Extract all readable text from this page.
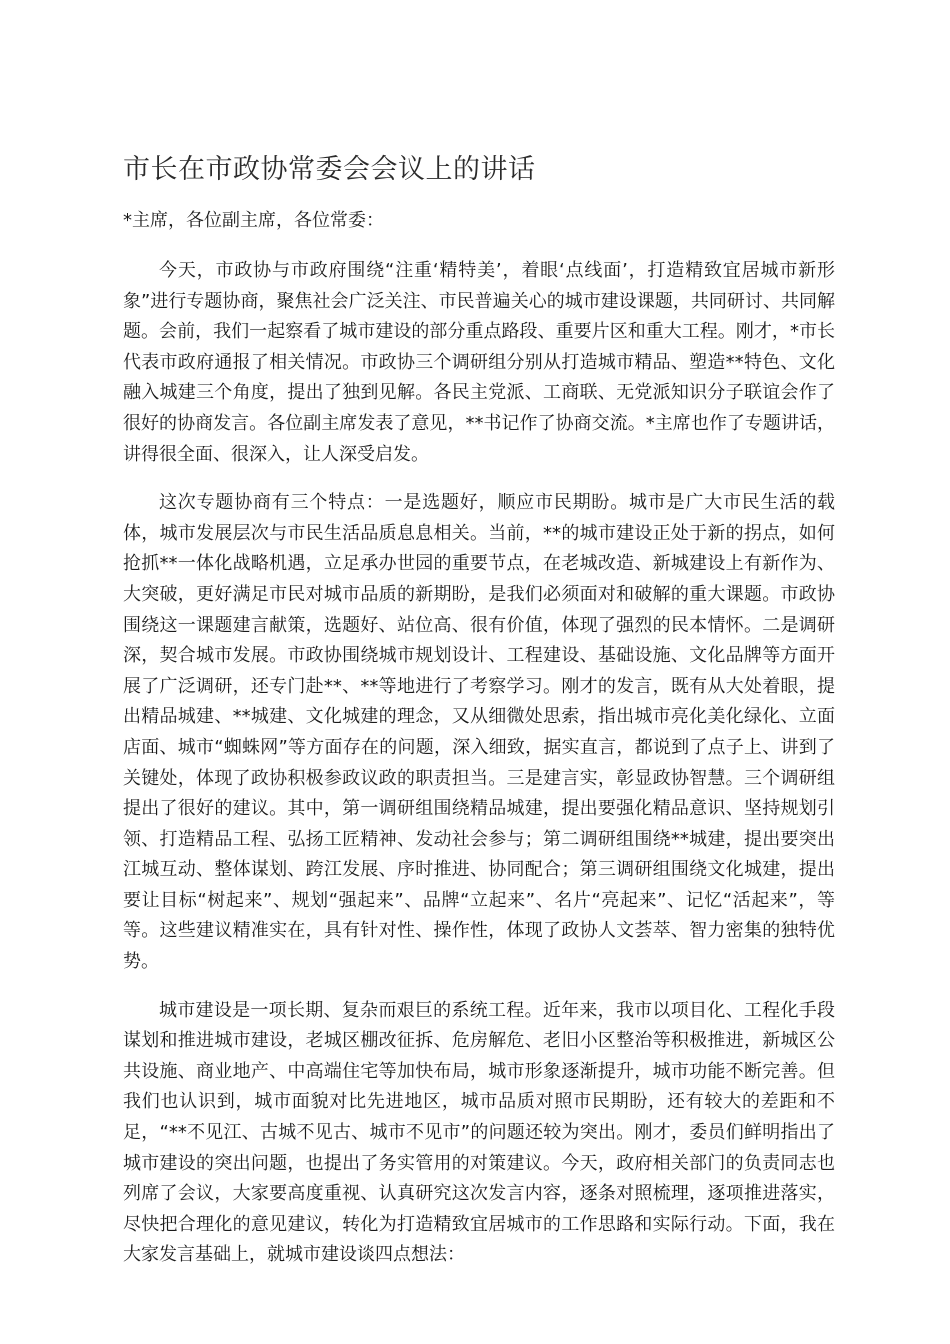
市长在市政协常委会会议上的讲话
*主席，各位副主席，各位常委：

今天，市政协与市政府围绕“注重‘精特美’，着眼‘点线面’，打造精致宜居城市新形象”进行专题协商，聚焦社会广泛关注、市民普遍关心的城市建设课题，共同研讨、共同解题。会前，我们一起察看了城市建设的部分重点路段、重要片区和重大工程。刚才，*市长代表市政府通报了相关情况。市政协三个调研组分别从打造城市精品、塑造**特色、文化融入城建三个角度，提出了独到见解。各民主党派、工商联、无党派知识分子联谊会作了很好的协商发言。各位副主席发表了意见，**书记作了协商交流。*主席也作了专题讲话，讲得很全面、很深入，让人深受启发。

这次专题协商有三个特点：一是选题好，顺应市民期盼。城市是广大市民生活的载体，城市发展层次与市民生活品质息息相关。当前，**的城市建设正处于新的拐点，如何抢抓**一体化战略机遇，立足承办世园的重要节点，在老城改造、新城建设上有新作为、大突破，更好满足市民对城市品质的新期盼，是我们必须面对和破解的重大课题。市政协围绕这一课题建言献策，选题好、站位高、很有价值，体现了强烈的民本情怀。二是调研深，契合城市发展。市政协围绕城市规划设计、工程建设、基础设施、文化品牌等方面开展了广泛调研，还专门赴**、**等地进行了考察学习。刚才的发言，既有从大处着眼，提出精品城建、**城建、文化城建的理念，又从细微处思索，指出城市亮化美化绿化、立面店面、城市“蜘蛛网”等方面存在的问题，深入细致，据实直言，都说到了点子上、讲到了关键处，体现了政协积极参政议政的职责担当。三是建言实，彰显政协智慧。三个调研组提出了很好的建议。其中，第一调研组围绕精品城建，提出要强化精品意识、坚持规划引领、打造精品工程、弘扬工匠精神、发动社会参与；第二调研组围绕**城建，提出要突出江城互动、整体谋划、跨江发展、序时推进、协同配合；第三调研组围绕文化城建，提出要让目标“树起来”、规划“强起来”、品牌“立起来”、名片“亮起来”、记忆“活起来”，等等。这些建议精准实在，具有针对性、操作性，体现了政协人文荟萃、智力密集的独特优势。

城市建设是一项长期、复杂而艰巨的系统工程。近年来，我市以项目化、工程化手段谋划和推进城市建设，老城区棚改征拆、危房解危、老旧小区整治等积极推进，新城区公共设施、商业地产、中高端住宅等加快布局，城市形象逐渐提升，城市功能不断完善。但我们也认识到，城市面貌对比先进地区，城市品质对照市民期盼，还有较大的差距和不足，“**不见江、古城不见古、城市不见市”的问题还较为突出。刚才，委员们鲜明指出了城市建设的突出问题，也提出了务实管用的对策建议。今天，政府相关部门的负责同志也列席了会议，大家要高度重视、认真研究这次发言内容，逐条对照梳理，逐项推进落实，尽快把合理化的意见建议，转化为打造精致宜居城市的工作思路和实际行动。下面，我在大家发言基础上，就城市建设谈四点想法：
